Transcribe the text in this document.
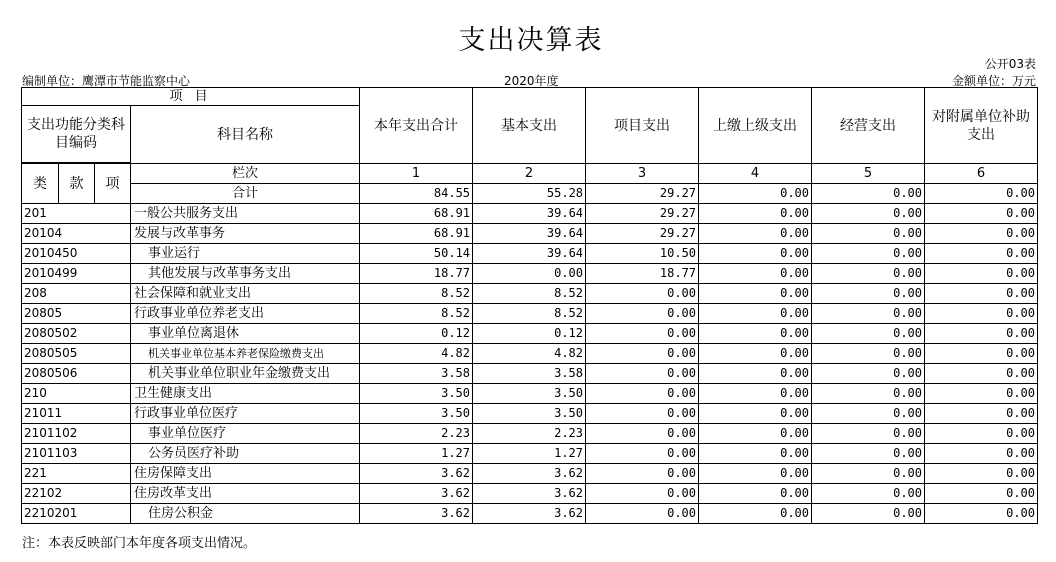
支出决算表
公开03表
编制单位：鹰潭市节能监察中心	2020年度	金额单位：万元
项 目				本年支出合计	基本支出	项目支出	上缴上级支出	经营支出	对附属单位补助支出
支出功能分类科目编码			科目名称						

类	款	项	栏次	1	2	3	4	5	6
			合计	84.55	55.28	29.27	0.00	0.00	0.00
201			一般公共服务支出	68.91	39.64	29.27	0.00	0.00	0.00
20104			发展与改革事务	68.91	39.64	29.27	0.00	0.00	0.00
2010450			事业运行	50.14	39.64	10.50	0.00	0.00	0.00
2010499			其他发展与改革事务支出	18.77	0.00	18.77	0.00	0.00	0.00
208			社会保障和就业支出	8.52	8.52	0.00	0.00	0.00	0.00
20805			行政事业单位养老支出	8.52	8.52	0.00	0.00	0.00	0.00
2080502			事业单位离退休	0.12	0.12	0.00	0.00	0.00	0.00
2080505			机关事业单位基本养老保险缴费支出	4.82	4.82	0.00	0.00	0.00	0.00
2080506			机关事业单位职业年金缴费支出	3.58	3.58	0.00	0.00	0.00	0.00
210			卫生健康支出	3.50	3.50	0.00	0.00	0.00	0.00
21011			行政事业单位医疗	3.50	3.50	0.00	0.00	0.00	0.00
2101102			事业单位医疗	2.23	2.23	0.00	0.00	0.00	0.00
2101103			公务员医疗补助	1.27	1.27	0.00	0.00	0.00	0.00
221			住房保障支出	3.62	3.62	0.00	0.00	0.00	0.00
22102			住房改革支出	3.62	3.62	0.00	0.00	0.00	0.00
2210201			住房公积金	3.62	3.62	0.00	0.00	0.00	0.00
注：本表反映部门本年度各项支出情况。
